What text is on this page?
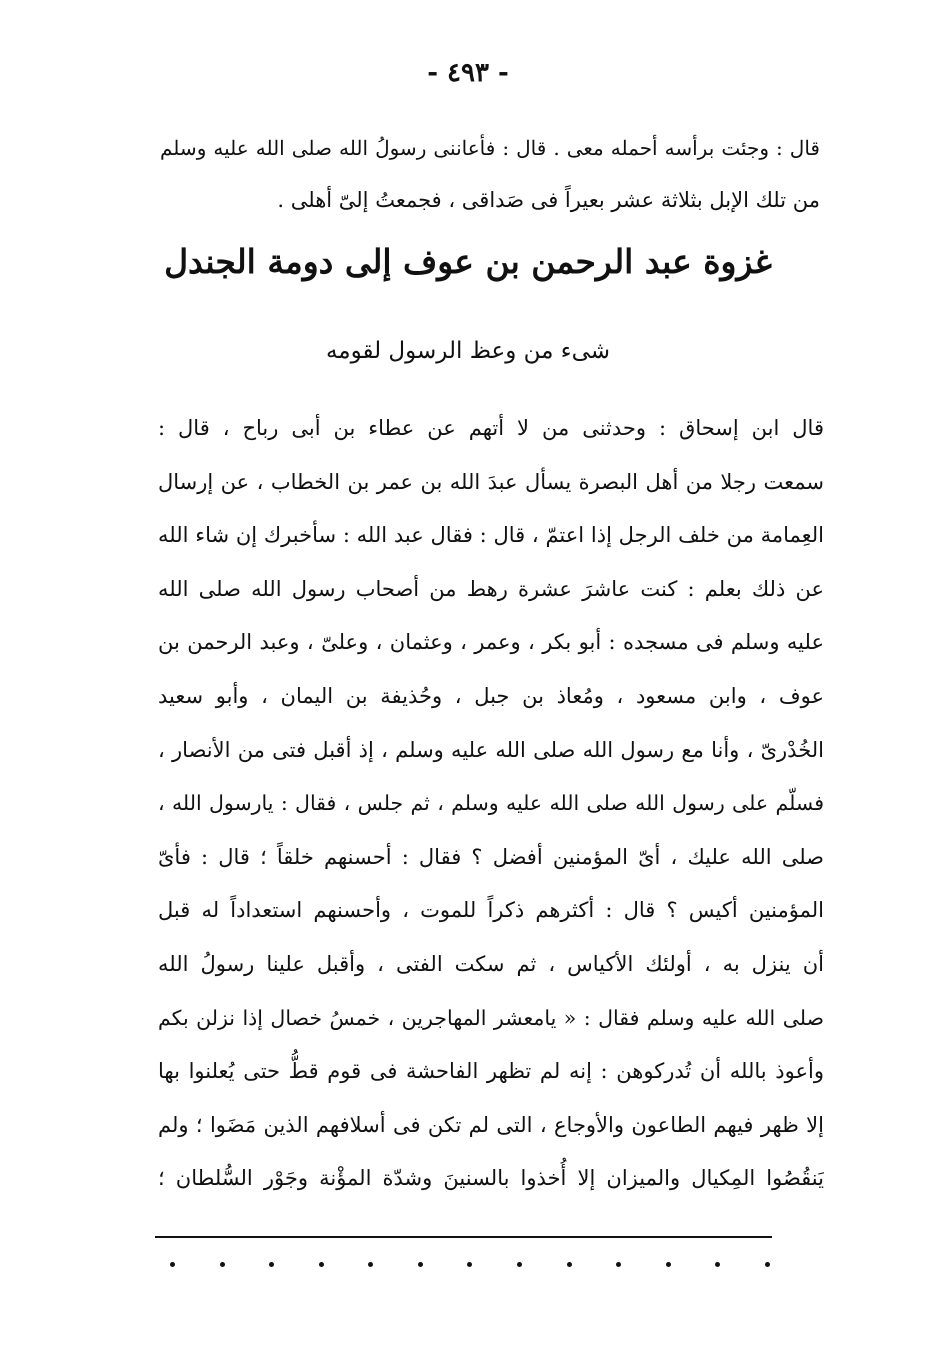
- ٤٩٣ -
قال : وجئت برأسه أحمله معى . قال : فأعاننى رسولُ الله صلى الله عليه وسلم
من تلك الإبل بثلاثة عشر بعيراً فى صَداقى ، فجمعتُ إلىّ أهلى .
غزوة عبد الرحمن بن عوف إلى دومة الجندل
شىء من وعظ الرسول لقومه
قال ابن إسحاق : وحدثنى من لا أتهم عن عطاء بن أبى رباح ، قال :
سمعت رجلا من أهل البصرة يسأل عبدَ الله بن عمر بن الخطاب ، عن إرسال
العِمامة من خلف الرجل إذا اعتمّ ، قال : فقال عبد الله : سأخبرك إن شاء الله
عن ذلك بعلم : كنت عاشرَ عشرة رهط من أصحاب رسول الله صلى الله
عليه وسلم فى مسجده : أبو بكر ، وعمر ، وعثمان ، وعلىّ ، وعبد الرحمن بن
عوف ، وابن مسعود ، ومُعاذ بن جبل ، وحُذيفة بن اليمان ، وأبو سعيد
الخُدْرىّ ، وأنا مع رسول الله صلى الله عليه وسلم ، إذ أقبل فتى من الأنصار ،
فسلّم على رسول الله صلى الله عليه وسلم ، ثم جلس ، فقال : يارسول الله ،
صلى الله عليك ، أىّ المؤمنين أفضل ؟ فقال : أحسنهم خلقاً ؛ قال : فأىّ
المؤمنين أكيس ؟ قال : أكثرهم ذكراً للموت ، وأحسنهم استعداداً له قبل
أن ينزل به ، أولئك الأكياس ، ثم سكت الفتى ، وأقبل علينا رسولُ الله
صلى الله عليه وسلم فقال : « يامعشر المهاجرين ، خمسُ خصال إذا نزلن بكم
وأعوذ بالله أن تُدركوهن : إنه لم تظهر الفاحشة فى قوم قطُّ حتى يُعلنوا بها
إلا ظهر فيهم الطاعون والأوجاع ، التى لم تكن فى أسلافهم الذين مَضَوا ؛ ولم
يَنقُصُوا المِكيال والميزان إلا أُخذوا بالسنينَ وشدّة المؤْنة وجَوْر السُّلطان ؛
